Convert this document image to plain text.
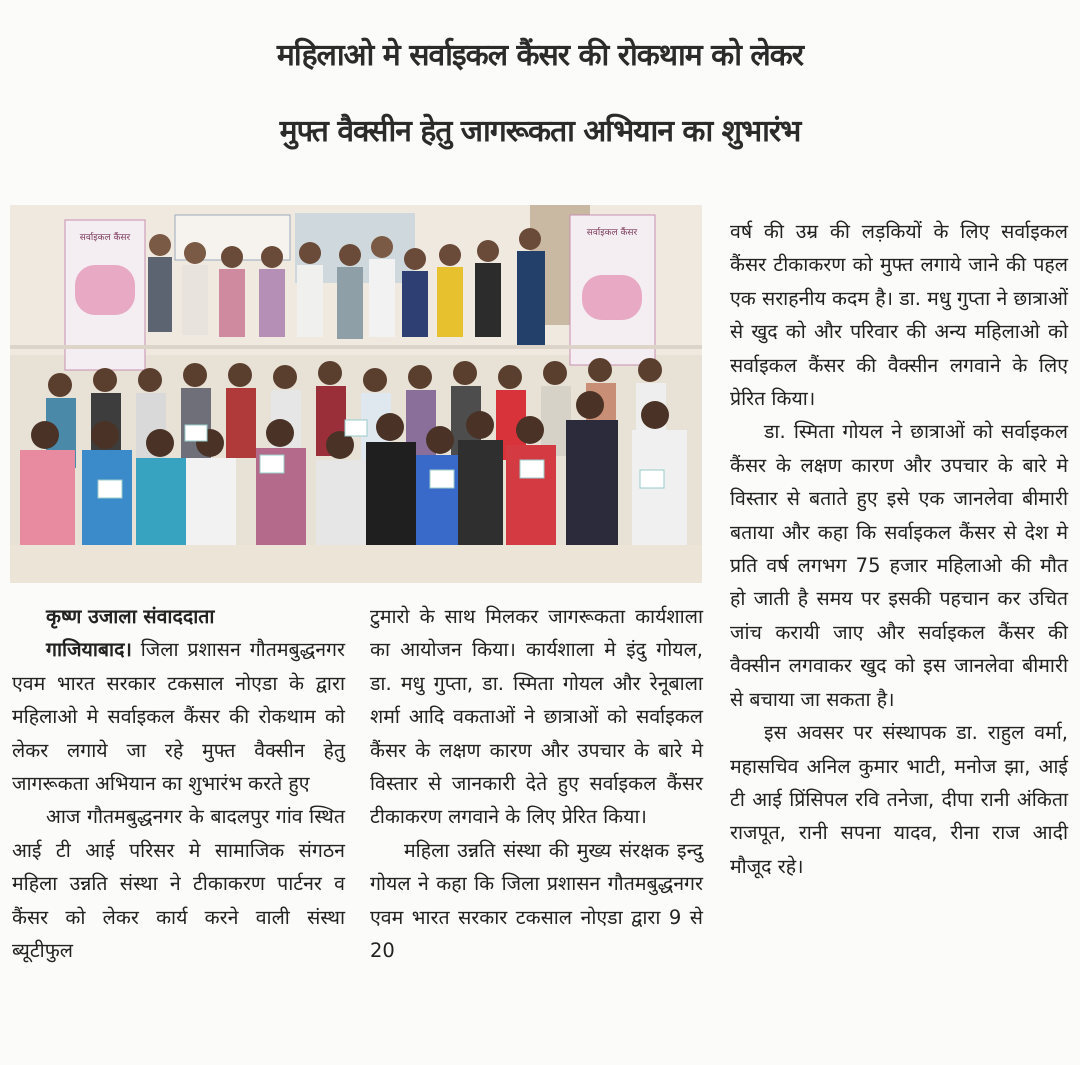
महिलाओ मे सर्वाइकल कैंसर की रोकथाम को लेकर
मुफ्त वैक्सीन हेतु जागरूकता अभियान का शुभारंभ
सर्वाइकल कैंसर	सर्वाइकल कैंसर

कृष्ण उजाला संवाददाता

गाजियाबाद। जिला प्रशासन गौतमबुद्धनगर एवम भारत सरकार टकसाल नोएडा के द्वारा महिलाओ मे सर्वाइकल कैंसर की रोकथाम को लेकर लगाये जा रहे मुफ्त वैक्सीन हेतु जागरूकता अभियान का शुभारंभ करते हुए

आज गौतमबुद्धनगर के बादलपुर गांव स्थित आई टी आई परिसर मे सामाजिक संगठन महिला उन्नति संस्था ने टीकाकरण पार्टनर व कैंसर को लेकर कार्य करने वाली संस्था ब्यूटीफुल

टुमारो के साथ मिलकर जागरूकता कार्यशाला का आयोजन किया। कार्यशाला मे इंदु गोयल, डा. मधु गुप्ता, डा. स्मिता गोयल और रेनूबाला शर्मा आदि वकताओं ने छात्राओं को सर्वाइकल कैंसर के लक्षण कारण और उपचार के बारे मे विस्तार से जानकारी देते हुए सर्वाइकल कैंसर टीकाकरण लगवाने के लिए प्रेरित किया।

महिला उन्नति संस्था की मुख्य संरक्षक इन्दु गोयल ने कहा कि जिला प्रशासन गौतमबुद्धनगर एवम भारत सरकार टकसाल नोएडा द्वारा 9 से 20

वर्ष की उम्र की लड़कियों के लिए सर्वाइकल कैंसर टीकाकरण को मुफ्त लगाये जाने की पहल एक सराहनीय कदम है। डा. मधु गुप्ता ने छात्राओं से खुद को और परिवार की अन्य महिलाओ को सर्वाइकल कैंसर की वैक्सीन लगवाने के लिए प्रेरित किया।

डा. स्मिता गोयल ने छात्राओं को सर्वाइकल कैंसर के लक्षण कारण और उपचार के बारे मे विस्तार से बताते हुए इसे एक जानलेवा बीमारी बताया और कहा कि सर्वाइकल कैंसर से देश मे प्रति वर्ष लगभग 75 हजार महिलाओ की मौत हो जाती है समय पर इसकी पहचान कर उचित जांच करायी जाए और सर्वाइकल कैंसर की वैक्सीन लगवाकर खुद को इस जानलेवा बीमारी से बचाया जा सकता है।

इस अवसर पर संस्थापक डा. राहुल वर्मा, महासचिव अनिल कुमार भाटी, मनोज झा, आई टी आई प्रिंसिपल रवि तनेजा, दीपा रानी अंकिता राजपूत, रानी सपना यादव, रीना राज आदी मौजूद रहे।
